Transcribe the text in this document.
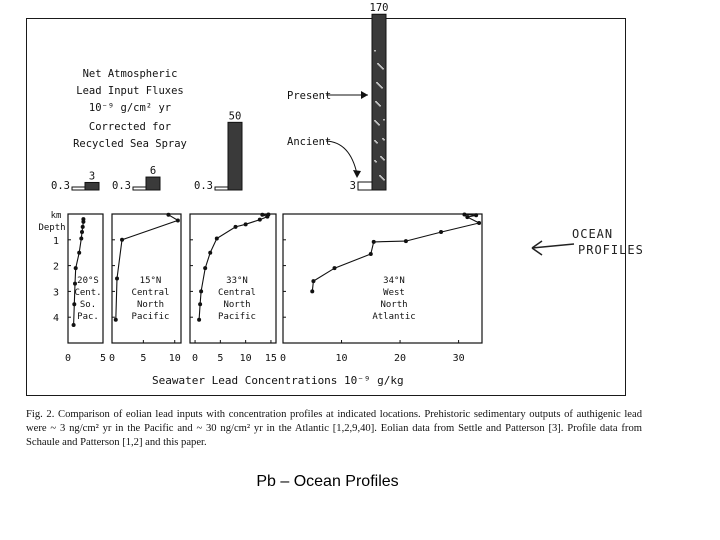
Net Atmospheric
Lead Input Fluxes
10⁻⁹ g/cm² yr
Corrected for
Recycled Sea Spray
0.3
3
0.3
6
0.3
50
3
170
Present
Ancient
km
Depth
1
2
3
4
0	5
20°S
Cent.
So.
Pac.
0	5 10
15°N
Central
North
Pacific
0 5 10 15
33°N
Central
North
Pacific
0	10	20	30
34°N
West
North
Atlantic
Seawater Lead Concentrations 10⁻⁹ g/kg
Fig. 2. Comparison of eolian lead inputs with concentration profiles at indicated locations. Prehistoric sedimentary outputs of authigenic lead were ~ 3 ng/cm² yr in the Pacific and ~ 30 ng/cm² yr in the Atlantic [1,2,9,40]. Eolian data from Settle and Patterson [3]. Profile data from Schaule and Patterson [1,2] and this paper.
OCEAN
PROFILES
Pb – Ocean Profiles
